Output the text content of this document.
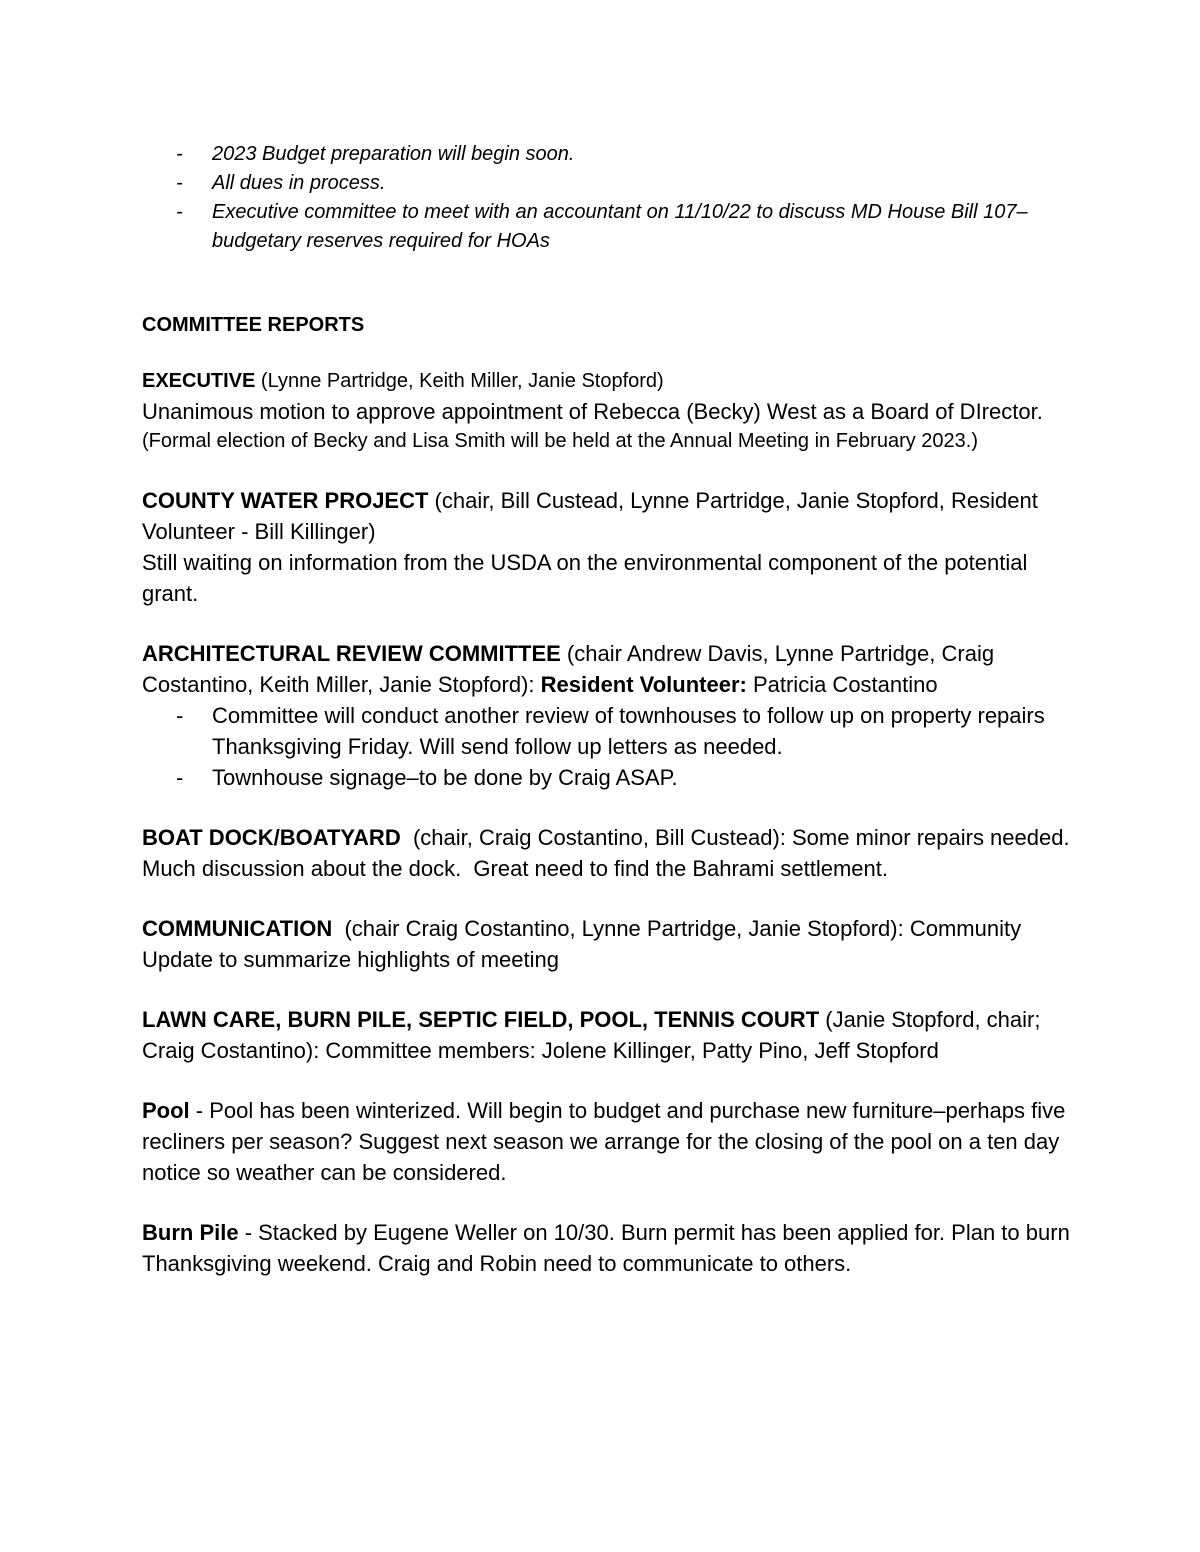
- 2023 Budget preparation will begin soon.
- All dues in process.
- Executive committee to meet with an accountant on 11/10/22 to discuss MD House Bill 107–budgetary reserves required for HOAs
COMMITTEE REPORTS
EXECUTIVE (Lynne Partridge, Keith Miller, Janie Stopford)
Unanimous motion to approve appointment of Rebecca (Becky) West as a Board of DIrector.
(Formal election of Becky and Lisa Smith will be held at the Annual Meeting in February 2023.)
COUNTY WATER PROJECT (chair, Bill Custead, Lynne Partridge, Janie Stopford, Resident Volunteer - Bill Killinger)
Still waiting on information from the USDA on the environmental component of the potential grant.
ARCHITECTURAL REVIEW COMMITTEE (chair Andrew Davis, Lynne Partridge, Craig Costantino, Keith Miller, Janie Stopford): Resident Volunteer: Patricia Costantino
- Committee will conduct another review of townhouses to follow up on property repairs Thanksgiving Friday. Will send follow up letters as needed.
- Townhouse signage–to be done by Craig ASAP.
BOAT DOCK/BOATYARD  (chair, Craig Costantino, Bill Custead): Some minor repairs needed. Much discussion about the dock.  Great need to find the Bahrami settlement.
COMMUNICATION  (chair Craig Costantino, Lynne Partridge, Janie Stopford): Community Update to summarize highlights of meeting
LAWN CARE, BURN PILE, SEPTIC FIELD, POOL, TENNIS COURT (Janie Stopford, chair; Craig Costantino): Committee members: Jolene Killinger, Patty Pino, Jeff Stopford
Pool - Pool has been winterized. Will begin to budget and purchase new furniture–perhaps five recliners per season? Suggest next season we arrange for the closing of the pool on a ten day notice so weather can be considered.
Burn Pile - Stacked by Eugene Weller on 10/30. Burn permit has been applied for. Plan to burn Thanksgiving weekend. Craig and Robin need to communicate to others.
